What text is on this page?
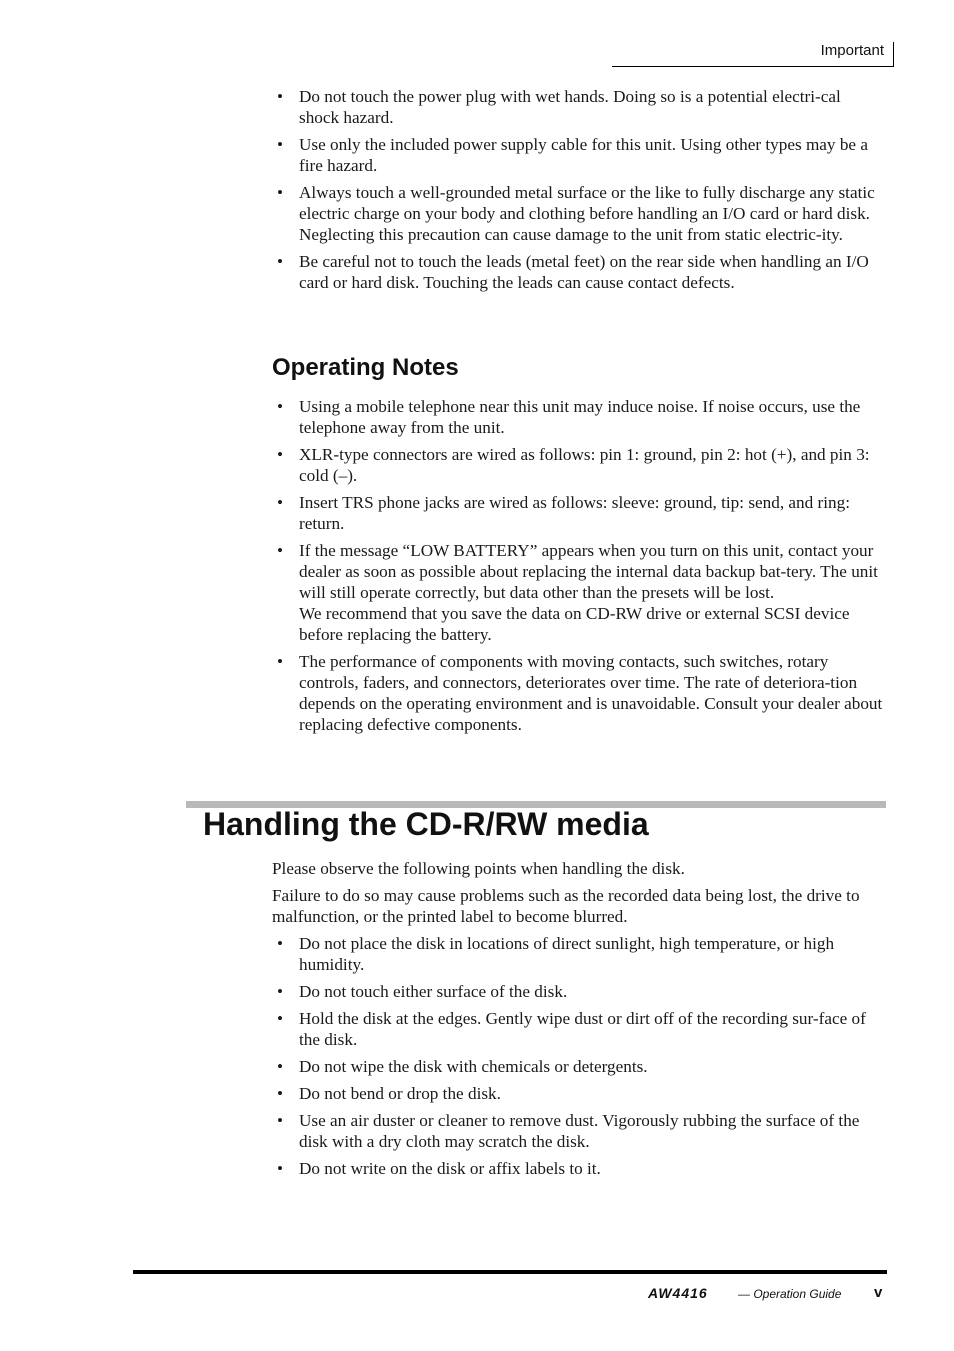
Important
• Do not touch the power plug with wet hands. Doing so is a potential electri-cal shock hazard.
• Use only the included power supply cable for this unit. Using other types may be a fire hazard.
• Always touch a well-grounded metal surface or the like to fully discharge any static electric charge on your body and clothing before handling an I/O card or hard disk.
Neglecting this precaution can cause damage to the unit from static electric-ity.
• Be careful not to touch the leads (metal feet) on the rear side when handling an I/O card or hard disk. Touching the leads can cause contact defects.
Operating Notes
• Using a mobile telephone near this unit may induce noise. If noise occurs, use the telephone away from the unit.
• XLR-type connectors are wired as follows: pin 1: ground, pin 2: hot (+), and pin 3: cold (–).
• Insert TRS phone jacks are wired as follows: sleeve: ground, tip: send, and ring: return.
• If the message “LOW BATTERY” appears when you turn on this unit, contact your dealer as soon as possible about replacing the internal data backup bat-tery. The unit will still operate correctly, but data other than the presets will be lost.
We recommend that you save the data on CD-RW drive or external SCSI device before replacing the battery.
• The performance of components with moving contacts, such switches, rotary controls, faders, and connectors, deteriorates over time. The rate of deteriora-tion depends on the operating environment and is unavoidable. Consult your dealer about replacing defective components.
Handling the CD-R/RW media
Please observe the following points when handling the disk.
Failure to do so may cause problems such as the recorded data being lost, the drive to malfunction, or the printed label to become blurred.
• Do not place the disk in locations of direct sunlight, high temperature, or high humidity.
• Do not touch either surface of the disk.
• Hold the disk at the edges. Gently wipe dust or dirt off of the recording sur-face of the disk.
• Do not wipe the disk with chemicals or detergents.
• Do not bend or drop the disk.
• Use an air duster or cleaner to remove dust. Vigorously rubbing the surface of the disk with a dry cloth may scratch the disk.
• Do not write on the disk or affix labels to it.
AW4416	— Operation Guide v
